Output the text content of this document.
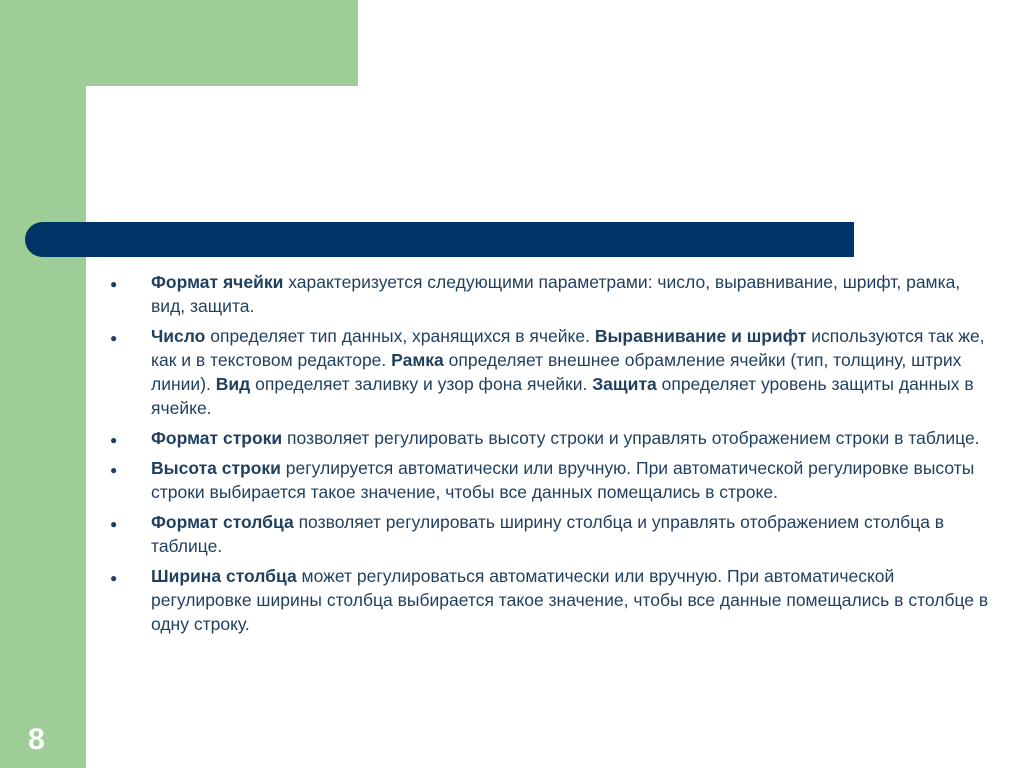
8
●
Формат ячейки характеризуется следующими параметрами: число, выравнивание, шрифт, рамка, вид, защита.
●
Число определяет тип данных, хранящихся в ячейке. Выравнивание и шрифт используются так же, как и в текстовом редакторе. Рамка определяет внешнее обрамление ячейки (тип, толщину, штрих линии). Вид определяет заливку и узор фона ячейки. Защита определяет уровень защиты данных в ячейке.
●
Формат строки позволяет регулировать высоту строки и управлять отображением строки в таблице.
●
Высота строки регулируется автоматически или вручную. При автоматической регулировке высоты строки выбирается такое значение, чтобы все данных помещались в строке.
●
Формат столбца позволяет регулировать ширину столбца и управлять отображением столбца в таблице.
●
Ширина столбца может регулироваться автоматически или вручную. При автоматической регулировке ширины столбца выбирается такое значение, чтобы все данные помещались в столбце в одну строку.
